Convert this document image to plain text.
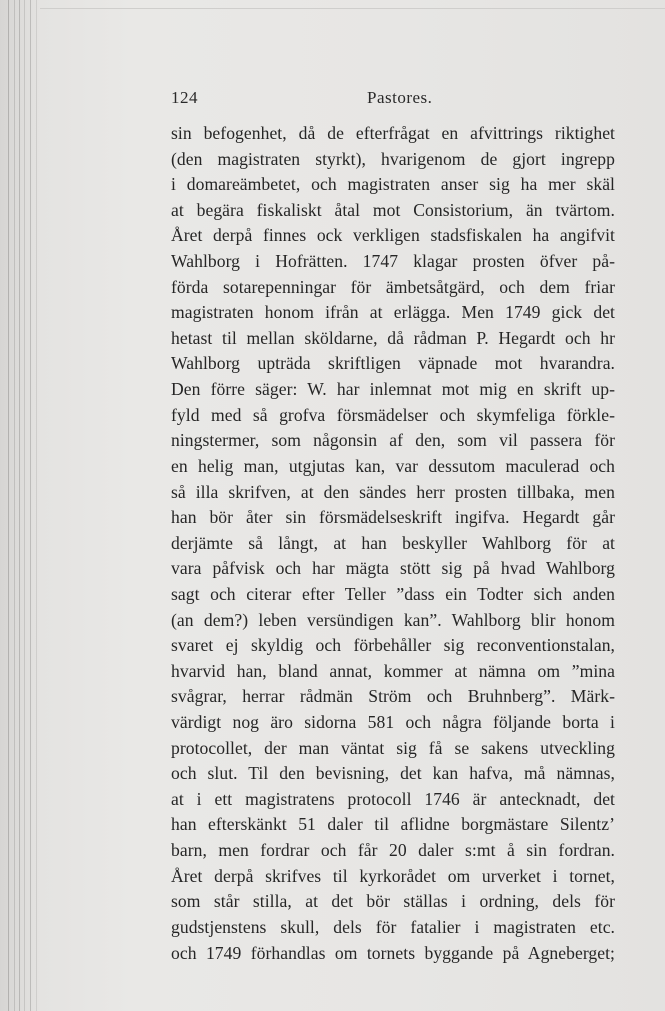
124	Pastores.
sin befogenhet, då de efterfrågat en afvittrings riktighet
(den magistraten styrkt), hvarigenom de gjort ingrepp
i domareämbetet, och magistraten anser sig ha mer skäl
at begära fiskaliskt åtal mot Consistorium, än tvärtom.
Året derpå finnes ock verkligen stadsfiskalen ha angifvit
Wahlborg i Hofrätten. 1747 klagar prosten öfver på-
förda sotarepenningar för ämbetsåtgärd, och dem friar
magistraten honom ifrån at erlägga. Men 1749 gick det
hetast til mellan sköldarne, då rådman P. Hegardt och hr
Wahlborg upträda skriftligen väpnade mot hvarandra.
Den förre säger: W. har inlemnat mot mig en skrift up-
fyld med så grofva försmädelser och skymfeliga förkle-
ningstermer, som någonsin af den, som vil passera för
en helig man, utgjutas kan, var dessutom maculerad och
så illa skrifven, at den sändes herr prosten tillbaka, men
han bör åter sin försmädelseskrift ingifva. Hegardt går
derjämte så långt, at han beskyller Wahlborg för at
vara påfvisk och har mägta stött sig på hvad Wahlborg
sagt och citerar efter Teller ”dass ein Todter sich anden
(an dem?) leben versündigen kan”. Wahlborg blir honom
svaret ej skyldig och förbehåller sig reconventionstalan,
hvarvid han, bland annat, kommer at nämna om ”mina
svågrar, herrar rådmän Ström och Bruhnberg”. Märk-
värdigt nog äro sidorna 581 och några följande borta i
protocollet, der man väntat sig få se sakens utveckling
och slut. Til den bevisning, det kan hafva, må nämnas,
at i ett magistratens protocoll 1746 är antecknadt, det
han efterskänkt 51 daler til aflidne borgmästare Silentz’
barn, men fordrar och får 20 daler s:mt å sin fordran.
Året derpå skrifves til kyrkorådet om urverket i tornet,
som står stilla, at det bör ställas i ordning, dels för
gudstjenstens skull, dels för fatalier i magistraten etc.
och 1749 förhandlas om tornets byggande på Agneberget;
